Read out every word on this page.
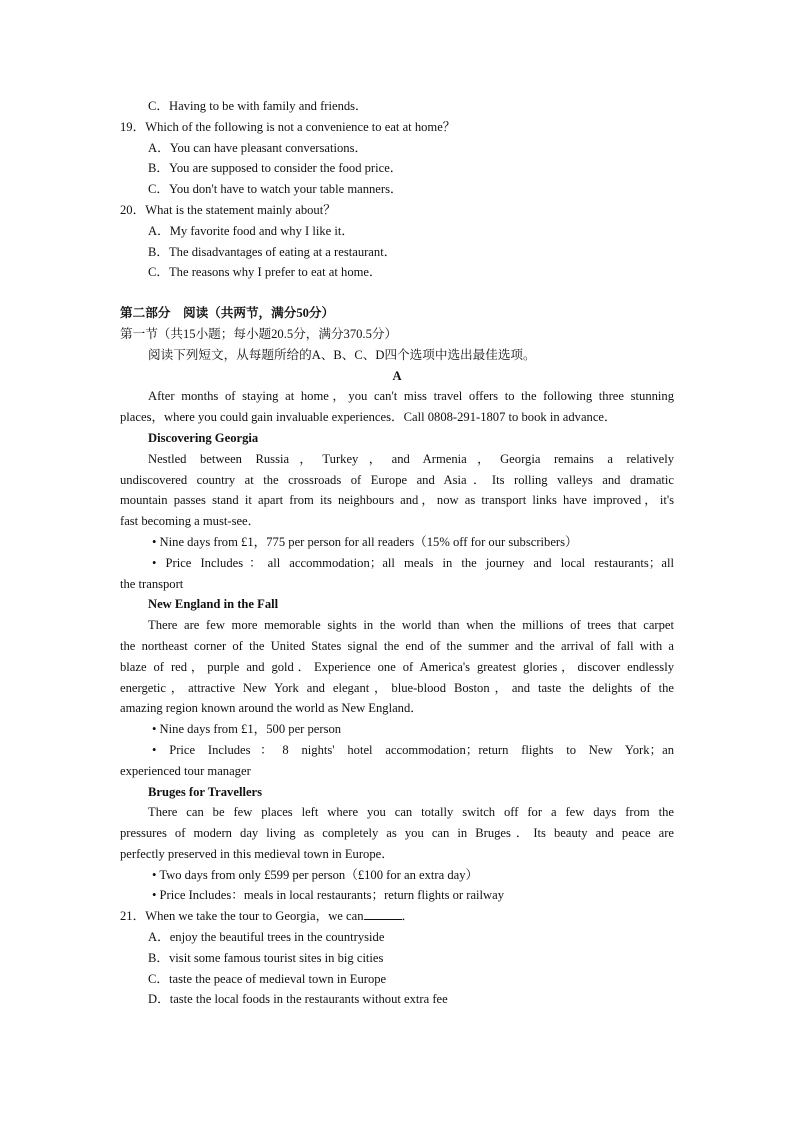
C．Having to be with family and friends．
19．Which of the following is not a convenience to eat at home？
A．You can have pleasant conversations．
B．You are supposed to consider the food price．
C．You don't have to watch your table manners．
20．What is the statement mainly about？
A．My favorite food and why I like it．
B．The disadvantages of eating at a restaurant．
C．The reasons why I prefer to eat at home．
第二部分　阅读（共两节，满分50分）
第一节（共15小题；每小题20.5分，满分370.5分）
阅读下列短文，从每题所给的A、B、C、D四个选项中选出最佳选项。
A
After months of staying at home，you can't miss travel offers to the following three stunning
places，where you could gain invaluable experiences．Call 0808-291-1807 to book in advance．
Discovering Georgia
Nestled between Russia，Turkey，and Armenia，Georgia remains a relatively
undiscovered country at the crossroads of Europe and Asia．Its rolling valleys and dramatic
mountain passes stand it apart from its neighbours and，now as transport links have improved，it's
fast becoming a must-see．
• Nine days from £1，775 per person for all readers（15% off for our subscribers）
• Price Includes：all accommodation；all meals in the journey and local restaurants；all
the transport
New England in the Fall
There are few more memorable sights in the world than when the millions of trees that carpet
the northeast corner of the United States signal the end of the summer and the arrival of fall with a
blaze of red，purple and gold．Experience one of America's greatest glories，discover endlessly
energetic，attractive New York and elegant，blue-blood Boston，and taste the delights of the
amazing region known around the world as New England．
• Nine days from £1，500 per person
• Price Includes：8 nights' hotel accommodation；return flights to New York；an
experienced tour manager
Bruges for Travellers
There can be few places left where you can totally switch off for a few days from the
pressures of modern day living as completely as you can in Bruges．Its beauty and peace are
perfectly preserved in this medieval town in Europe．
• Two days from only £599 per person（£100 for an extra day）
• Price Includes：meals in local restaurants；return flights or railway
21．When we take the tour to Georgia，we can	．
A．enjoy the beautiful trees in the countryside
B．visit some famous tourist sites in big cities
C．taste the peace of medieval town in Europe
D．taste the local foods in the restaurants without extra fee
